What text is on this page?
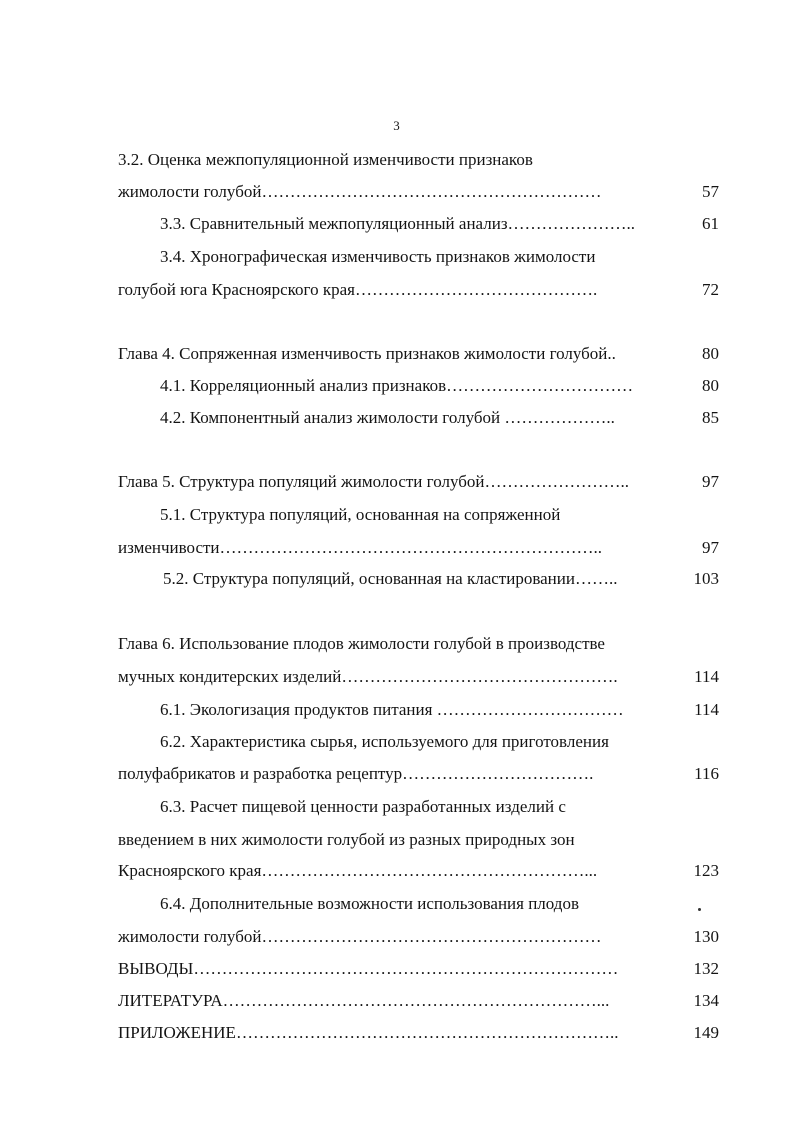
3
3.2. Оценка межпопуляционной изменчивости признаков
жимолости голубой……………………………………………………	57
3.3. Сравнительный межпопуляционный анализ…………………..	61
3.4. Хронографическая изменчивость признаков жимолости
голубой юга Красноярского края…………………………………….	72
Глава 4. Сопряженная изменчивость признаков жимолости голубой..	80
4.1. Корреляционный анализ признаков……………………………	80
4.2. Компонентный анализ жимолости голубой ………………..	85
Глава 5. Структура популяций жимолости голубой……………………..	97
5.1. Структура популяций, основанная на сопряженной
изменчивости…………………………………………………………..	97
5.2. Структура популяций, основанная на кластировании……..	103
Глава 6. Использование плодов жимолости голубой в производстве
мучных кондитерских изделий………………………………………….	114
6.1. Экологизация продуктов питания ……………………………	114
6.2. Характеристика сырья, используемого для приготовления
полуфабрикатов и разработка рецептур…………………………….	116
6.3. Расчет пищевой ценности разработанных изделий с
введением в них жимолости голубой из разных природных зон
Красноярского края…………………………………………………...	123
6.4. Дополнительные возможности использования плодов
жимолости голубой……………………………………………………	130
ВЫВОДЫ…………………………………………………………………	132
ЛИТЕРАТУРА…………………………………………………………...	134
ПРИЛОЖЕНИЕ…………………………………………………………..	149
